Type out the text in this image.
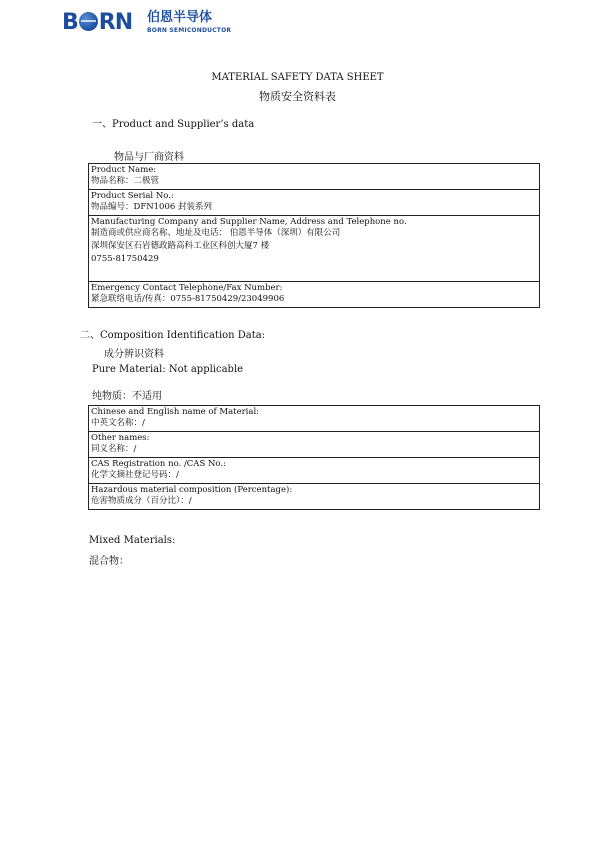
B RN 伯恩半导体
BORN SEMICONDUCTOR
MATERIAL SAFETY DATA SHEET
物质安全资料表
一、Product and Supplier’s data
物品与厂商资料
Product Name:
物品名称：二极管

Product Serial No.:
物品编号：DFN1006 封装系列

Manufacturing Company and Supplier Name, Address and Telephone no.
制造商或供应商名称、地址及电话： 伯恩半导体（深圳）有限公司
深圳保安区石岩德政路高科工业区科创大厦7 楼
0755-81750429

Emergency Contact Telephone/Fax Number:
紧急联络电话/传真：0755-81750429/23049906
二、Composition Identification Data:
成分辨识资料
Pure Material: Not applicable
纯物质：不适用
Chinese and English name of Material:
中英文名称：/

Other names:
同义名称：/

CAS Registration no. /CAS No.:
化学文摘社登记号码：/

Hazardous material composition (Percentage):
危害物质成分（百分比）：/
Mixed Materials:
混合物：
